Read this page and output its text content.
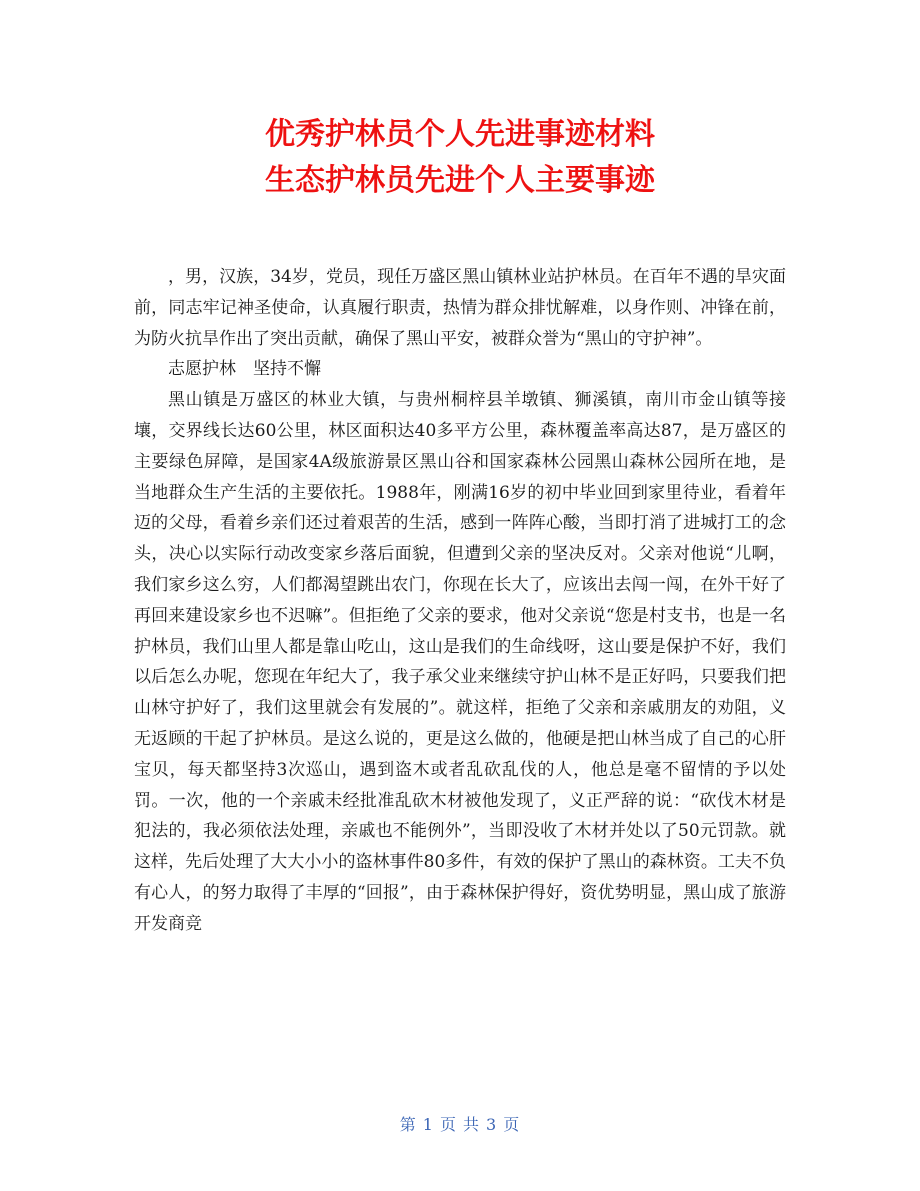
优秀护林员个人先进事迹材料
生态护林员先进个人主要事迹

，男，汉族，34岁，党员，现任万盛区黑山镇林业站护林员。在百年不遇的旱灾面前，同志牢记神圣使命，认真履行职责，热情为群众排忧解难，以身作则、冲锋在前，为防火抗旱作出了突出贡献，确保了黑山平安，被群众誉为“黑山的守护神”。

志愿护林　坚持不懈

黑山镇是万盛区的林业大镇，与贵州桐梓县羊墩镇、狮溪镇，南川市金山镇等接壤，交界线长达60公里，林区面积达40多平方公里，森林覆盖率高达87，是万盛区的主要绿色屏障，是国家4A级旅游景区黑山谷和国家森林公园黑山森林公园所在地，是当地群众生产生活的主要依托。1988年，刚满16岁的初中毕业回到家里待业，看着年迈的父母，看着乡亲们还过着艰苦的生活，感到一阵阵心酸，当即打消了进城打工的念头，决心以实际行动改变家乡落后面貌，但遭到父亲的坚决反对。父亲对他说“儿啊，我们家乡这么穷，人们都渴望跳出农门，你现在长大了，应该出去闯一闯，在外干好了再回来建设家乡也不迟嘛”。但拒绝了父亲的要求，他对父亲说“您是村支书，也是一名护林员，我们山里人都是靠山吃山，这山是我们的生命线呀，这山要是保护不好，我们以后怎么办呢，您现在年纪大了，我子承父业来继续守护山林不是正好吗，只要我们把山林守护好了，我们这里就会有发展的”。就这样，拒绝了父亲和亲戚朋友的劝阻，义无返顾的干起了护林员。是这么说的，更是这么做的，他硬是把山林当成了自己的心肝宝贝，每天都坚持3次巡山，遇到盗木或者乱砍乱伐的人，他总是毫不留情的予以处罚。一次，他的一个亲戚未经批准乱砍木材被他发现了，义正严辞的说：“砍伐木材是犯法的，我必须依法处理，亲戚也不能例外”，当即没收了木材并处以了50元罚款。就这样，先后处理了大大小小的盗林事件80多件，有效的保护了黑山的森林资。工夫不负有心人，的努力取得了丰厚的“回报”，由于森林保护得好，资优势明显，黑山成了旅游开发商竞

第 1 页 共 3 页
